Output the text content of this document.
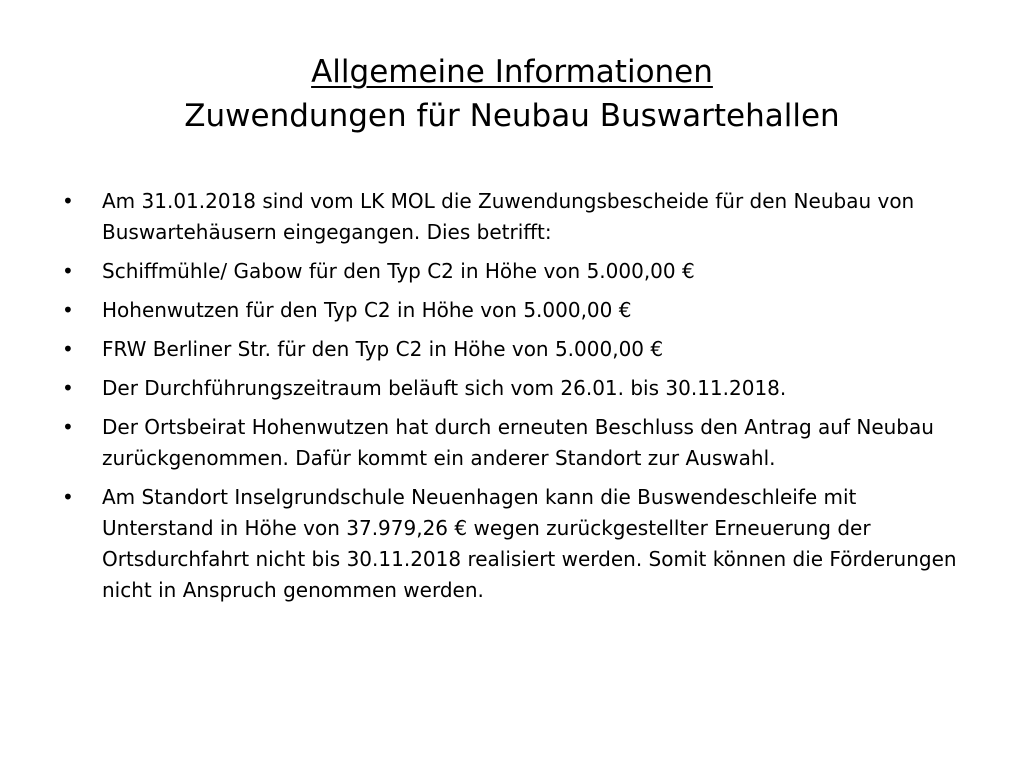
Allgemeine Informationen
Zuwendungen für Neubau Buswartehallen
•	Am 31.01.2018 sind vom LK MOL die Zuwendungsbescheide für den Neubau von Buswartehäusern eingegangen. Dies betrifft:
•	Schiffmühle/ Gabow für den Typ C2 in Höhe von 5.000,00 €
•	Hohenwutzen für den Typ C2 in Höhe von 5.000,00 €
•	FRW Berliner Str. für den Typ C2 in Höhe von 5.000,00 €
•	Der Durchführungszeitraum beläuft sich vom 26.01. bis 30.11.2018.
•	Der Ortsbeirat Hohenwutzen hat durch erneuten Beschluss den Antrag auf Neubau zurückgenommen. Dafür kommt ein anderer Standort zur Auswahl.
•	Am Standort Inselgrundschule Neuenhagen kann die Buswendeschleife mit Unterstand in Höhe von 37.979,26 € wegen zurückgestellter Erneuerung der Ortsdurchfahrt nicht bis 30.11.2018 realisiert werden. Somit können die Förderungen nicht in Anspruch genommen werden.
